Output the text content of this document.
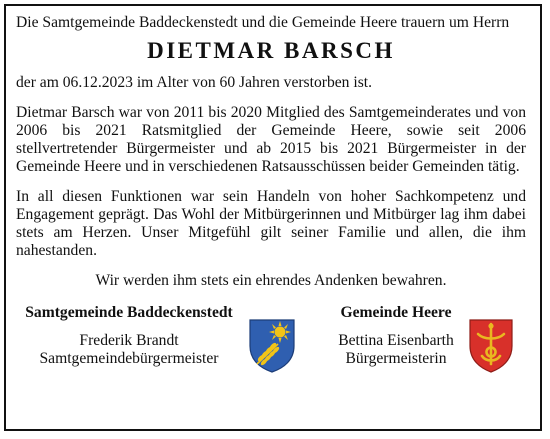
Die Samtgemeinde Baddeckenstedt und die Gemeinde Heere trauern um Herrn

DIETMAR BARSCH

der am 06.12.2023 im Alter von 60 Jahren verstorben ist.

Dietmar Barsch war von 2011 bis 2020 Mitglied des Samtgemeinderates und von 2006 bis 2021 Ratsmitglied der Gemeinde Heere, sowie seit 2006 stellvertretender Bürgermeister und ab 2015 bis 2021 Bürgermeister in der Gemeinde Heere und in verschiedenen Ratsausschüssen beider Gemeinden tätig.

In all diesen Funktionen war sein Handeln von hoher Sachkompetenz und Engagement geprägt. Das Wohl der Mitbürgerinnen und Mitbürger lag ihm dabei stets am Herzen. Unser Mitgefühl gilt seiner Familie und allen, die ihm nahestanden.

Wir werden ihm stets ein ehrendes Andenken bewahren.

Samtgemeinde Baddeckenstedt
Frederik Brandt
Samtgemeindebürgermeister
Gemeinde Heere
Bettina Eisenbarth
Bürgermeisterin
